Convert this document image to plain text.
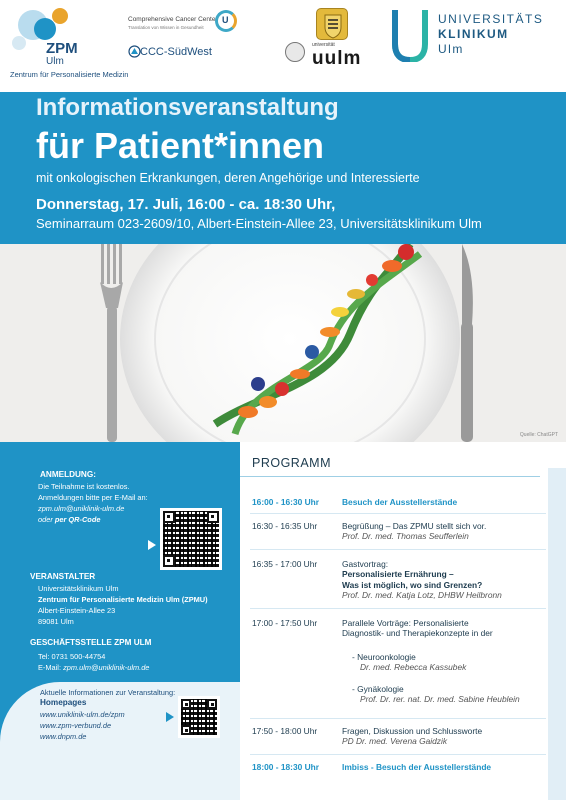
ZPM
Ulm
Zentrum für Personalisierte Medizin
Comprehensive Cancer Center
Translation von Wissen in Gesundheit
U
CCC-SüdWest
universität
uulm
UNIVERSITÄTS
KLINIKUM
Ulm
Informationsveranstaltung
für Patient*innen
mit onkologischen Erkrankungen, deren Angehörige und Interessierte
Donnerstag, 17. Juli, 16:00 - ca. 18:30 Uhr,
Seminarraum 023-2609/10, Albert-Einstein-Allee 23, Universitätsklinikum Ulm
Quelle: ChatGPT
ANMELDUNG:
Die Teilnahme ist kostenlos.
Anmeldungen bitte per E-Mail an:
zpm.ulm@uniklinik-ulm.de
oder per QR-Code
VERANSTALTER
Universitätsklinikum Ulm
Zentrum für Personalisierte Medizin Ulm (ZPMU)
Albert-Einstein-Allee 23
89081 Ulm
GESCHÄFTSSTELLE ZPM ULM
Tel: 0731 500-44754
E-Mail: zpm.ulm@uniklinik-ulm.de
Aktuelle Informationen zur Veranstaltung:
Homepages
www.uniklinik-ulm.de/zpm
www.zpm-verbund.de
www.dnpm.de
PROGRAMM
16:00 - 16:30 Uhr	Besuch der Ausstellerstände
16:30 - 16:35 Uhr	Begrüßung – Das ZPMU stellt sich vor.
Prof. Dr. med. Thomas Seufferlein
16:35 - 17:00 Uhr	Gastvortrag:
Personalisierte Ernährung –
Was ist möglich, wo sind Grenzen?
Prof. Dr. med. Katja Lotz, DHBW Heilbronn
17:00 - 17:50 Uhr	Parallele Vorträge: Personalisierte
Diagnostik- und Therapiekonzepte in der
- Neuroonkologie
Dr. med. Rebecca Kassubek
- Gynäkologie
Prof. Dr. rer. nat. Dr. med. Sabine Heublein
17:50 - 18:00 Uhr	Fragen, Diskussion und Schlussworte
PD Dr. med. Verena Gaidzik
18:00 - 18:30 Uhr	Imbiss - Besuch der Ausstellerstände
